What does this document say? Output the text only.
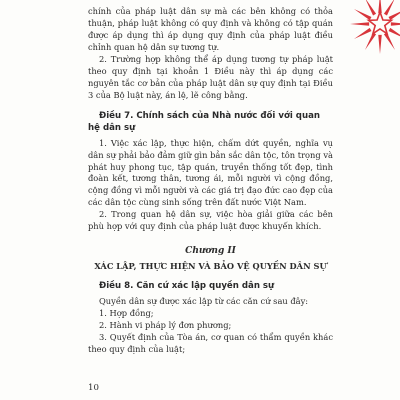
chính của pháp luật dân sự mà các bên không có thỏa thuận, pháp luật không có quy định và không có tập quán được áp dụng thì áp dụng quy định của pháp luật điều chỉnh quan hệ dân sự tương tự.

2. Trường hợp không thể áp dụng tương tự pháp luật theo quy định tại khoản 1 Điều này thì áp dụng các nguyên tắc cơ bản của pháp luật dân sự quy định tại Điều 3 của Bộ luật này, án lệ, lẽ công bằng.

Điều 7. Chính sách của Nhà nước đối với quan hệ dân sự

1. Việc xác lập, thực hiện, chấm dứt quyền, nghĩa vụ dân sự phải bảo đảm giữ gìn bản sắc dân tộc, tôn trọng và phát huy phong tục, tập quán, truyền thống tốt đẹp, tình đoàn kết, tương thân, tương ái, mỗi người vì cộng đồng, cộng đồng vì mỗi người và các giá trị đạo đức cao đẹp của các dân tộc cùng sinh sống trên đất nước Việt Nam.

2. Trong quan hệ dân sự, việc hòa giải giữa các bên phù hợp với quy định của pháp luật được khuyến khích.

Chương II

XÁC LẬP, THỰC HIỆN VÀ BẢO VỆ QUYỀN DÂN SỰ

Điều 8. Căn cứ xác lập quyền dân sự

Quyền dân sự được xác lập từ các căn cứ sau đây:

1. Hợp đồng;

2. Hành vi pháp lý đơn phương;

3. Quyết định của Tòa án, cơ quan có thẩm quyền khác theo quy định của luật;

10
